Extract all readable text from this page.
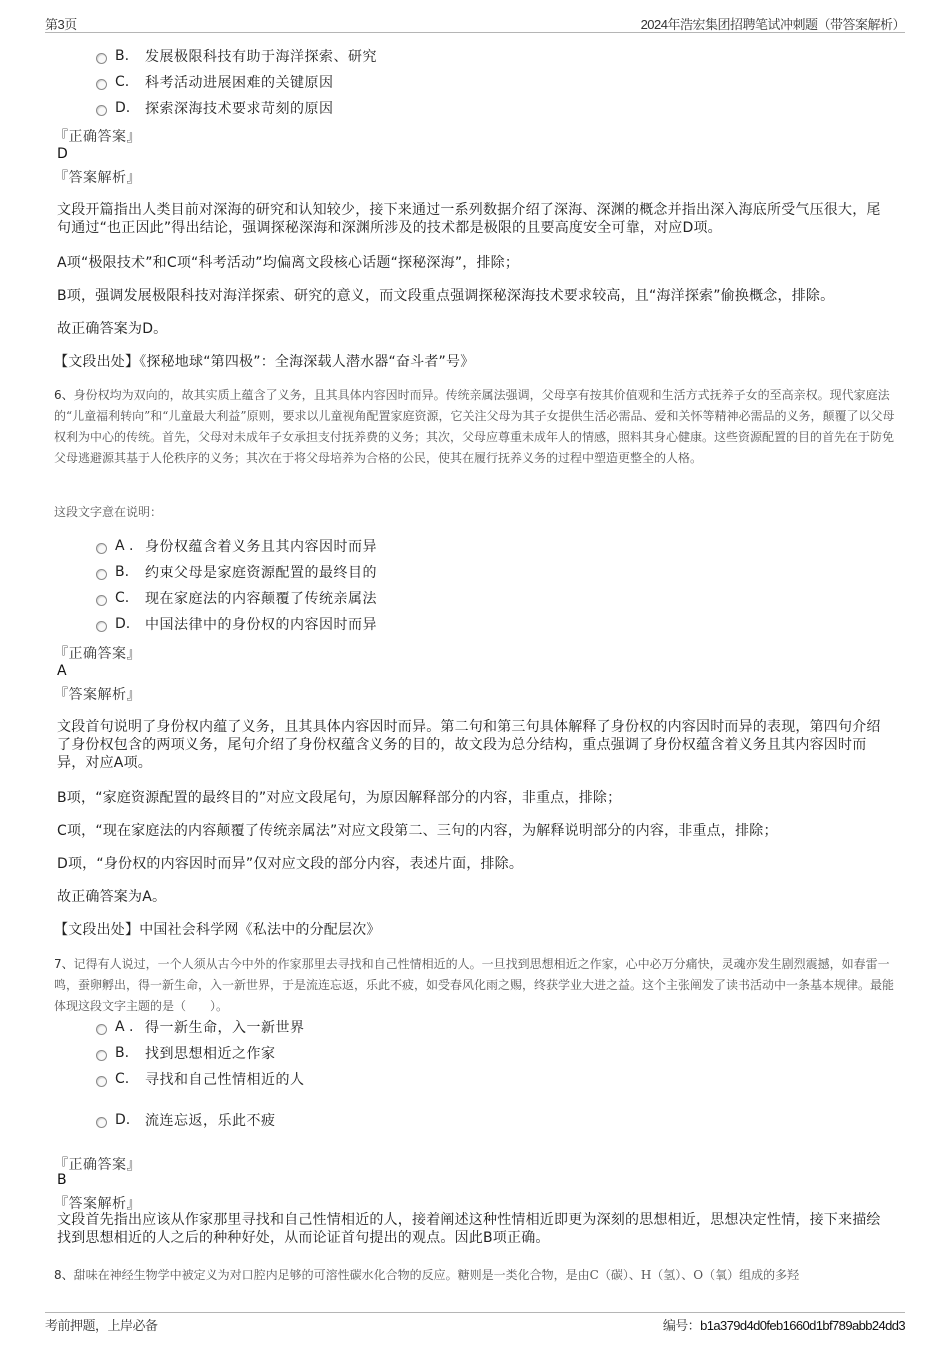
第3页	2024年浩宏集团招聘笔试冲刺题（带答案解析）
B.	发展极限科技有助于海洋探索、研究
C.	科考活动进展困难的关键原因
D.	探索深海技术要求苛刻的原因
『正确答案』
D
『答案解析』
文段开篇指出人类目前对深海的研究和认知较少，接下来通过一系列数据介绍了深海、深渊的概念并指出深入海底所受气压很大，尾句通过“也正因此”得出结论，强调探秘深海和深渊所涉及的技术都是极限的且要高度安全可靠，对应D项。
A项“极限技术”和C项“科考活动”均偏离文段核心话题“探秘深海”，排除；
B项，强调发展极限科技对海洋探索、研究的意义，而文段重点强调探秘深海技术要求较高，且“海洋探索”偷换概念，排除。
故正确答案为D。
【文段出处】《探秘地球“第四极”：全海深载人潜水器“奋斗者”号》
6、身份权均为双向的，故其实质上蕴含了义务，且其具体内容因时而异。传统亲属法强调，父母享有按其价值观和生活方式抚养子女的至高亲权。现代家庭法的“儿童福利转向”和“儿童最大利益”原则，要求以儿童视角配置家庭资源，它关注父母为其子女提供生活必需品、爱和关怀等精神必需品的义务，颠覆了以父母权利为中心的传统。首先，父母对未成年子女承担支付抚养费的义务；其次，父母应尊重未成年人的情感，照料其身心健康。这些资源配置的目的首先在于防免父母逃避源其基于人伦秩序的义务；其次在于将父母培养为合格的公民，使其在履行抚养义务的过程中塑造更整全的人格。
这段文字意在说明：
A . 身份权蕴含着义务且其内容因时而异
B.	约束父母是家庭资源配置的最终目的
C.	现在家庭法的内容颠覆了传统亲属法
D.	中国法律中的身份权的内容因时而异
『正确答案』
A
『答案解析』
文段首句说明了身份权内蕴了义务，且其具体内容因时而异。第二句和第三句具体解释了身份权的内容因时而异的表现，第四句介绍了身份权包含的两项义务，尾句介绍了身份权蕴含义务的目的，故文段为总分结构，重点强调了身份权蕴含着义务且其内容因时而异，对应A项。
B项，“家庭资源配置的最终目的”对应文段尾句，为原因解释部分的内容，非重点，排除；
C项，“现在家庭法的内容颠覆了传统亲属法”对应文段第二、三句的内容，为解释说明部分的内容，非重点，排除；
D项，“身份权的内容因时而异”仅对应文段的部分内容，表述片面，排除。
故正确答案为A。
【文段出处】中国社会科学网《私法中的分配层次》
7、记得有人说过，一个人须从古今中外的作家那里去寻找和自己性情相近的人。一旦找到思想相近之作家，心中必万分痛快，灵魂亦发生剧烈震撼，如春雷一鸣，蚕卵孵出，得一新生命，入一新世界，于是流连忘返，乐此不疲，如受春风化雨之赐，终获学业大进之益。这个主张阐发了读书活动中一条基本规律。最能体现这段文字主题的是（　　）。
A . 得一新生命，入一新世界
B.	找到思想相近之作家
C.	寻找和自己性情相近的人
D.	流连忘返，乐此不疲
『正确答案』
B
『答案解析』
文段首先指出应该从作家那里寻找和自己性情相近的人，接着阐述这种性情相近即更为深刻的思想相近，思想决定性情，接下来描绘找到思想相近的人之后的种种好处，从而论证首句提出的观点。因此B项正确。
8、甜味在神经生物学中被定义为对口腔内足够的可溶性碳水化合物的反应。糖则是一类化合物，是由C（碳）、H（氢）、O（氧）组成的多羟
考前押题，上岸必备	编号：b1a379d4d0feb1660d1bf789abb24dd3
